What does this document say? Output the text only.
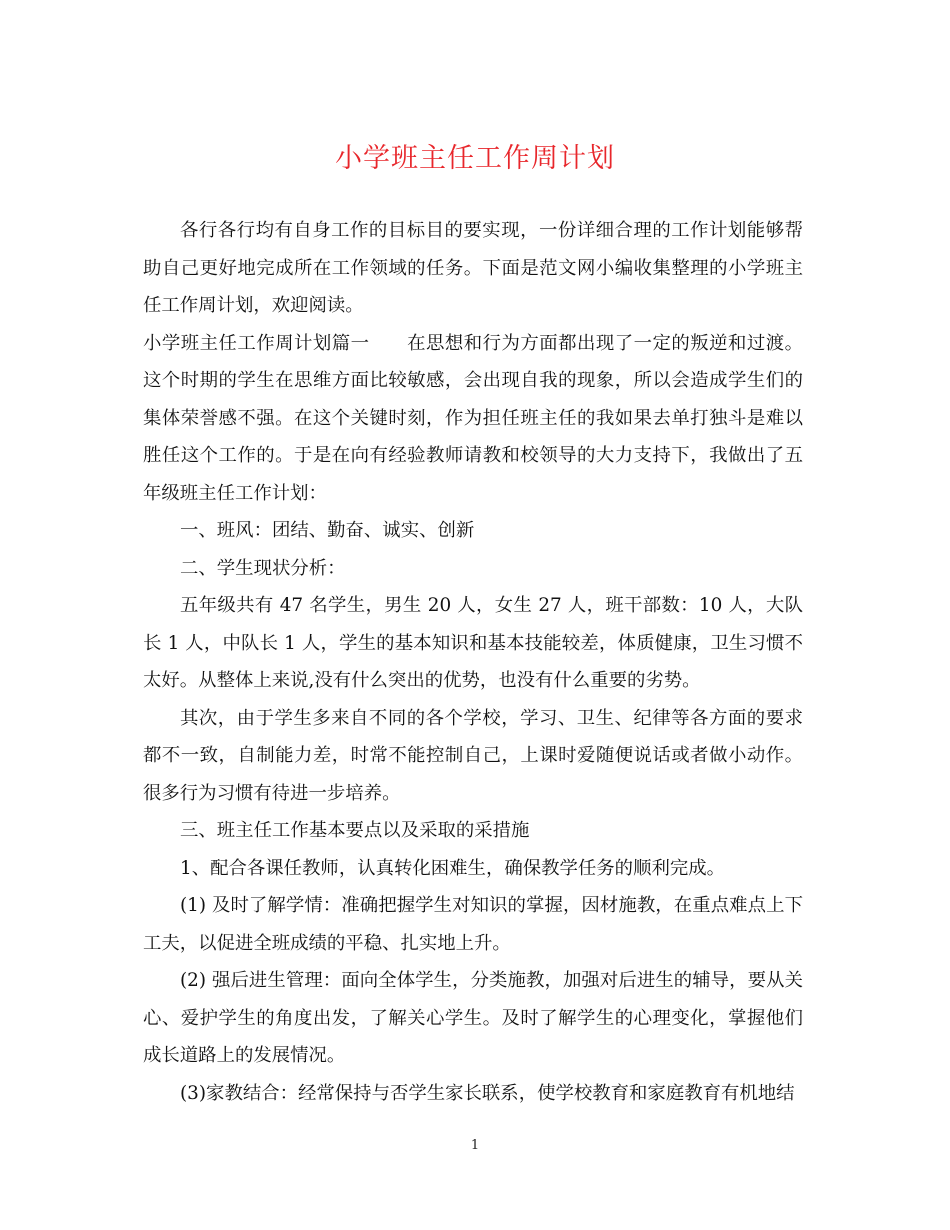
小学班主任工作周计划

各行各行均有自身工作的目标目的要实现，一份详细合理的工作计划能够帮助自己更好地完成所在工作领域的任务。下面是范文网小编收集整理的小学班主任工作周计划，欢迎阅读。

小学班主任工作周计划篇一　　在思想和行为方面都出现了一定的叛逆和过渡。这个时期的学生在思维方面比较敏感，会出现自我的现象，所以会造成学生们的集体荣誉感不强。在这个关键时刻，作为担任班主任的我如果去单打独斗是难以胜任这个工作的。于是在向有经验教师请教和校领导的大力支持下，我做出了五年级班主任工作计划：

一、班风：团结、勤奋、诚实、创新

二、学生现状分析：

五年级共有 47 名学生，男生 20 人，女生 27 人，班干部数：10 人，大队长 1 人，中队长 1 人，学生的基本知识和基本技能较差，体质健康，卫生习惯不太好。从整体上来说,没有什么突出的优势，也没有什么重要的劣势。

其次，由于学生多来自不同的各个学校，学习、卫生、纪律等各方面的要求都不一致，自制能力差，时常不能控制自己，上课时爱随便说话或者做小动作。很多行为习惯有待进一步培养。

三、班主任工作基本要点以及采取的采措施

1、配合各课任教师，认真转化困难生，确保教学任务的顺利完成。

(1) 及时了解学情：准确把握学生对知识的掌握，因材施教，在重点难点上下工夫，以促进全班成绩的平稳、扎实地上升。

(2) 强后进生管理：面向全体学生，分类施教，加强对后进生的辅导，要从关心、爱护学生的角度出发，了解关心学生。及时了解学生的心理变化，掌握他们成长道路上的发展情况。

(3)家教结合：经常保持与否学生家长联系，使学校教育和家庭教育有机地结

1
